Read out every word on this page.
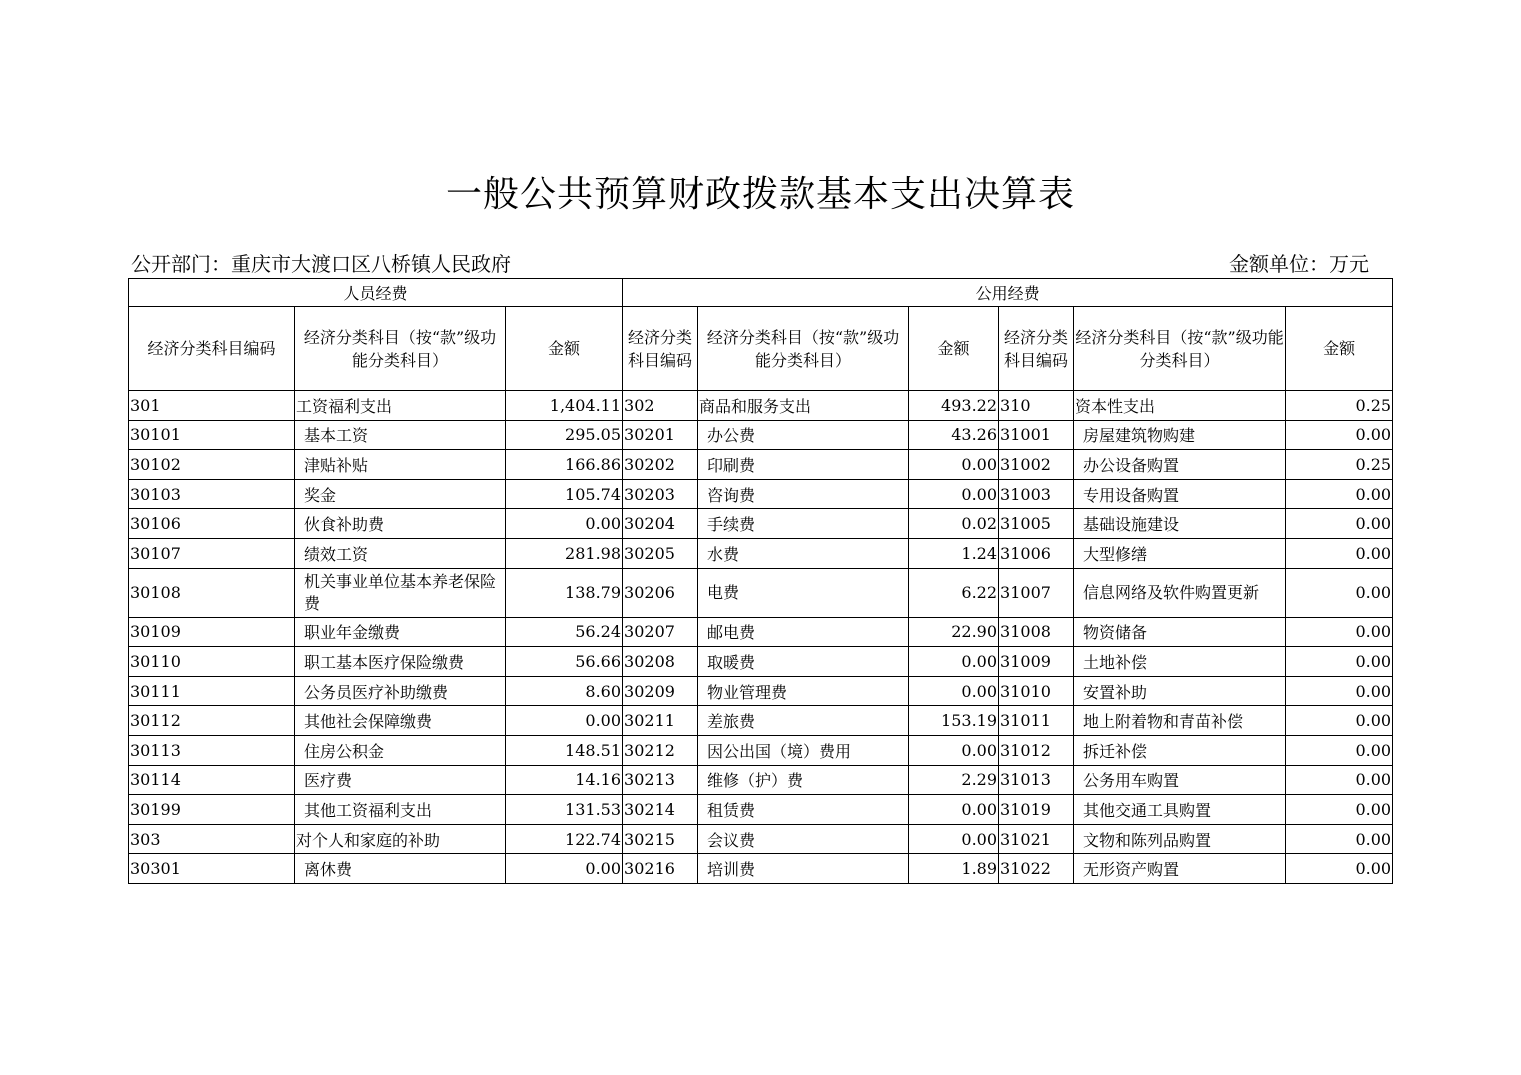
一般公共预算财政拨款基本支出决算表
公开部门：重庆市大渡口区八桥镇人民政府	金额单位：万元
人员经费			公用经费					
经济分类科目编码	经济分类科目（按“款”级功能分类科目）	金额	经济分类科目编码	经济分类科目（按“款”级功能分类科目）	金额	经济分类科目编码	经济分类科目（按“款”级功能分类科目）	金额
301	工资福利支出	1,404.11	302	商品和服务支出	493.22	310	资本性支出	0.25
30101	基本工资	295.05	30201	办公费	43.26	31001	房屋建筑物购建	0.00
30102	津贴补贴	166.86	30202	印刷费	0.00	31002	办公设备购置	0.25
30103	奖金	105.74	30203	咨询费	0.00	31003	专用设备购置	0.00
30106	伙食补助费	0.00	30204	手续费	0.02	31005	基础设施建设	0.00
30107	绩效工资	281.98	30205	水费	1.24	31006	大型修缮	0.00
30108	机关事业单位基本养老保险费	138.79	30206	电费	6.22	31007	信息网络及软件购置更新	0.00
30109	职业年金缴费	56.24	30207	邮电费	22.90	31008	物资储备	0.00
30110	职工基本医疗保险缴费	56.66	30208	取暖费	0.00	31009	土地补偿	0.00
30111	公务员医疗补助缴费	8.60	30209	物业管理费	0.00	31010	安置补助	0.00
30112	其他社会保障缴费	0.00	30211	差旅费	153.19	31011	地上附着物和青苗补偿	0.00
30113	住房公积金	148.51	30212	因公出国（境）费用	0.00	31012	拆迁补偿	0.00
30114	医疗费	14.16	30213	维修（护）费	2.29	31013	公务用车购置	0.00
30199	其他工资福利支出	131.53	30214	租赁费	0.00	31019	其他交通工具购置	0.00
303	对个人和家庭的补助	122.74	30215	会议费	0.00	31021	文物和陈列品购置	0.00
30301	离休费	0.00	30216	培训费	1.89	31022	无形资产购置	0.00
